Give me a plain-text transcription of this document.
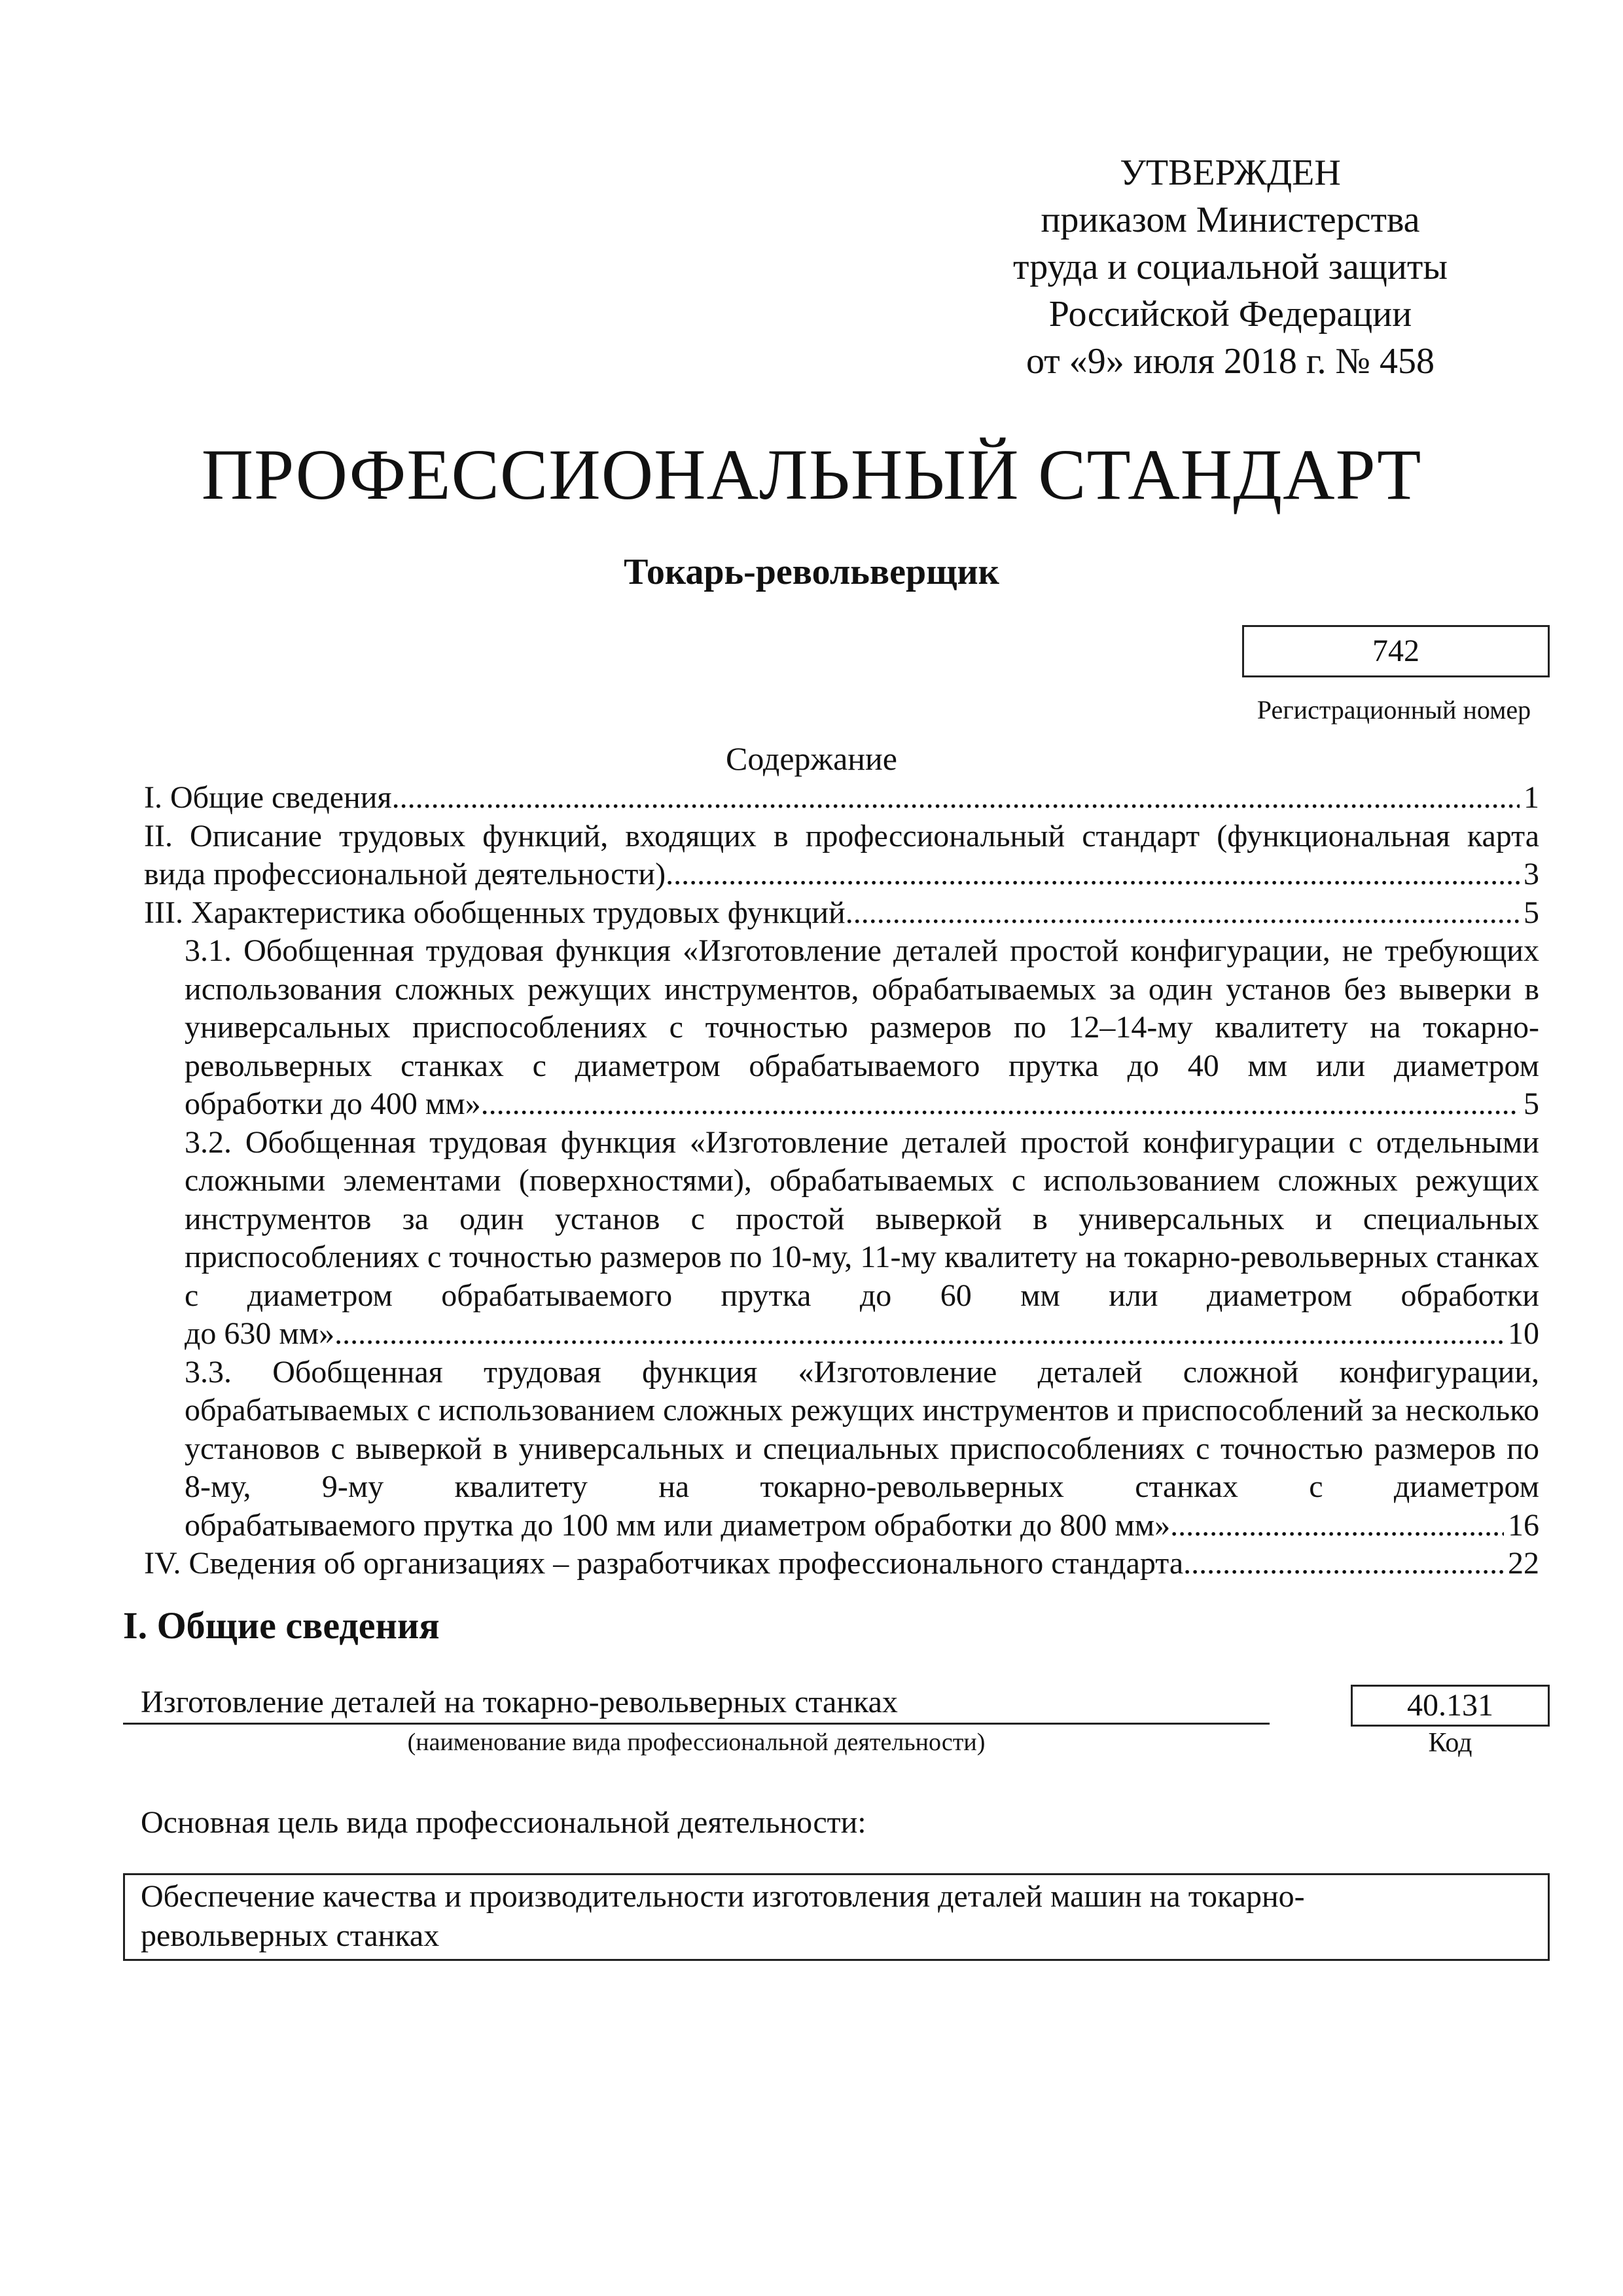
УТВЕРЖДЕН
приказом Министерства
труда и социальной защиты
Российской Федерации
от «9» июля 2018 г. № 458
ПРОФЕССИОНАЛЬНЫЙ СТАНДАРТ
Токарь-револьверщик
742
Регистрационный номер
Содержание
I. Общие сведения .....	1
II. Описание трудовых функций, входящих в профессиональный стандарт (функциональная карта
вида профессиональной деятельности) .....	3
III. Характеристика обобщенных трудовых функций .....	5
3.1. Обобщенная трудовая функция «Изготовление деталей простой конфигурации, не требующих использования сложных режущих инструментов, обрабатываемых за один установ без выверки в универсальных приспособлениях с точностью размеров по 12–14-му квалитету на токарно-револьверных станках с диаметром обрабатываемого прутка до 40 мм или диаметром
обработки до 400 мм» .....	5
3.2. Обобщенная трудовая функция «Изготовление деталей простой конфигурации с отдельными сложными элементами (поверхностями), обрабатываемых с использованием сложных режущих инструментов за один установ с простой выверкой в универсальных и специальных приспособлениях с точностью размеров по 10-му, 11-му квалитету на токарно-револьверных станках с диаметром обрабатываемого прутка до 60 мм или диаметром обработки
до 630 мм» .....	10
3.3. Обобщенная трудовая функция «Изготовление деталей сложной конфигурации, обрабатываемых с использованием сложных режущих инструментов и приспособлений за несколько установов с выверкой в универсальных и специальных приспособлениях с точностью размеров по 8-му, 9-му квалитету на токарно-револьверных станках с диаметром
обрабатываемого прутка до 100 мм или диаметром обработки до 800 мм» .....	16
IV. Сведения об организациях – разработчиках профессионального стандарта .....	22
I. Общие сведения
Изготовление деталей на токарно-револьверных станках
(наименование вида профессиональной деятельности)
40.131
Код
Основная цель вида профессиональной деятельности:
Обеспечение качества и производительности изготовления деталей машин на токарно-
револьверных станках
